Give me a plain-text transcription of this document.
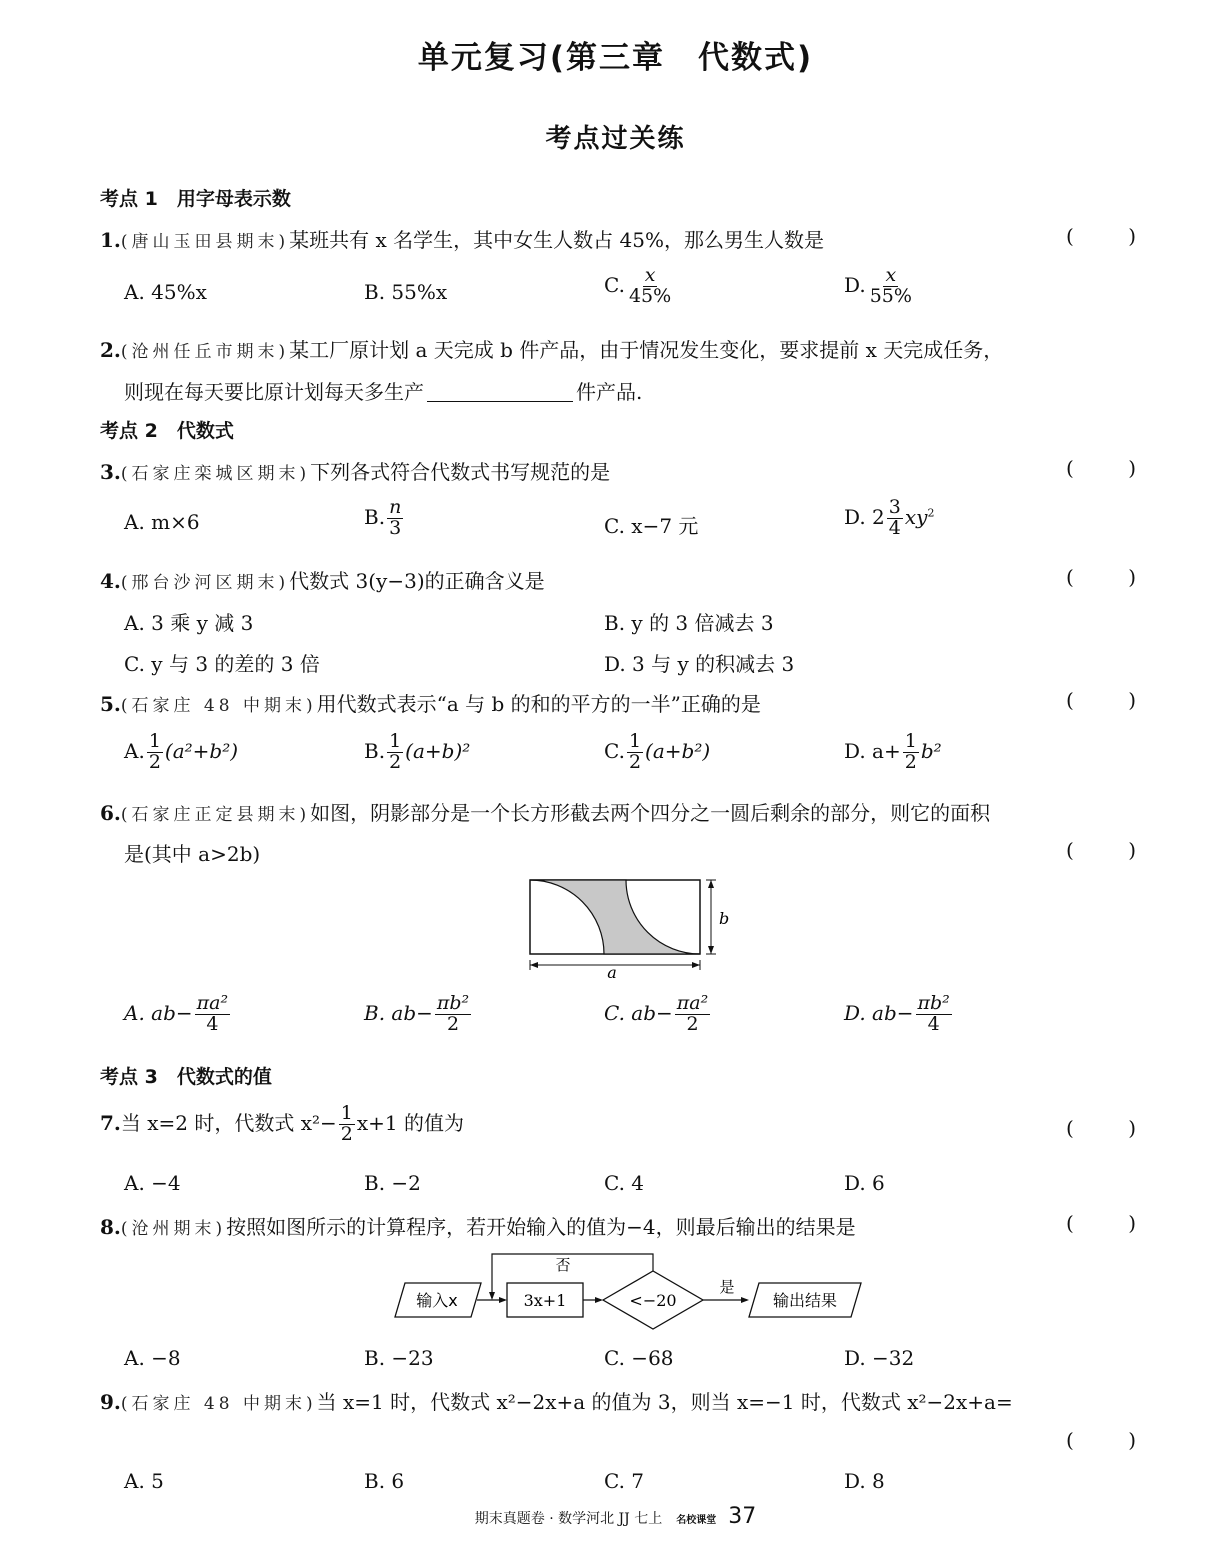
单元复习(第三章　代数式)
考点过关练
考点 1　用字母表示数
1.(唐山玉田县期末)某班共有 x 名学生，其中女生人数占 45%，那么男生人数是	(	)
A. 45%x	B. 55%x	C. $\frac{x}{45\%}$	D. $\frac{x}{55\%}$
2.(沧州任丘市期末)某工厂原计划 a 天完成 b 件产品，由于情况发生变化，要求提前 x 天完成任务，
则现在每天要比原计划每天多生产	件产品.
考点 2　代数式
3.(石家庄栾城区期末)下列各式符合代数式书写规范的是	(	)
A. m×6	B. $\frac{n}{3}$	C. x−7 元	D. $2 \frac{3}{4} xy^2$
4.(邢台沙河区期末)代数式 3(y−3)的正确含义是	(	)
A. 3 乘 y 减 3	B. y 的 3 倍减去 3
C. y 与 3 的差的 3 倍	D. 3 与 y 的积减去 3
5.(石家庄 48 中期末)用代数式表示“a 与 b 的和的平方的一半”正确的是	(	)
A. $\frac{1}{2} (a^2+b^2)$	B. $\frac{1}{2} (a+b)^2$	C. $\frac{1}{2} (a+b^2)$	D. $a+ \frac{1}{2} b^2$
6.(石家庄正定县期末)如图，阴影部分是一个长方形截去两个四分之一圆后剩余的部分，则它的面积
是(其中 a>2b)	(	)
a
b
A. $ab- \frac{\text{πa²}}{4}$	B. $ab- \frac{\text{πb²}}{2}$	C. $ab- \frac{\text{πa²}}{2}$	D. $ab- \frac{\text{πb²}}{4}$
考点 3　代数式的值
7.当 x=2 时，代数式 $x^2- \frac{1}{2} x+1$ 的值为	(	)
A. −4	B. −2	C. 4	D. 6
8.(沧州期末)按照如图所示的计算程序，若开始输入的值为−4，则最后输出的结果是	(	)
输入x	3x+1	<−20
否
是
输出结果
A. −8	B. −23	C. −68	D. −32
9.(石家庄 48 中期末)当 x=1 时，代数式 x²−2x+a 的值为 3，则当 x=−1 时，代数式 x²−2x+a=
(	)
A. 5	B. 6	C. 7	D. 8
期末真题卷 · 数学河北 JJ 七上 名校课堂 37
